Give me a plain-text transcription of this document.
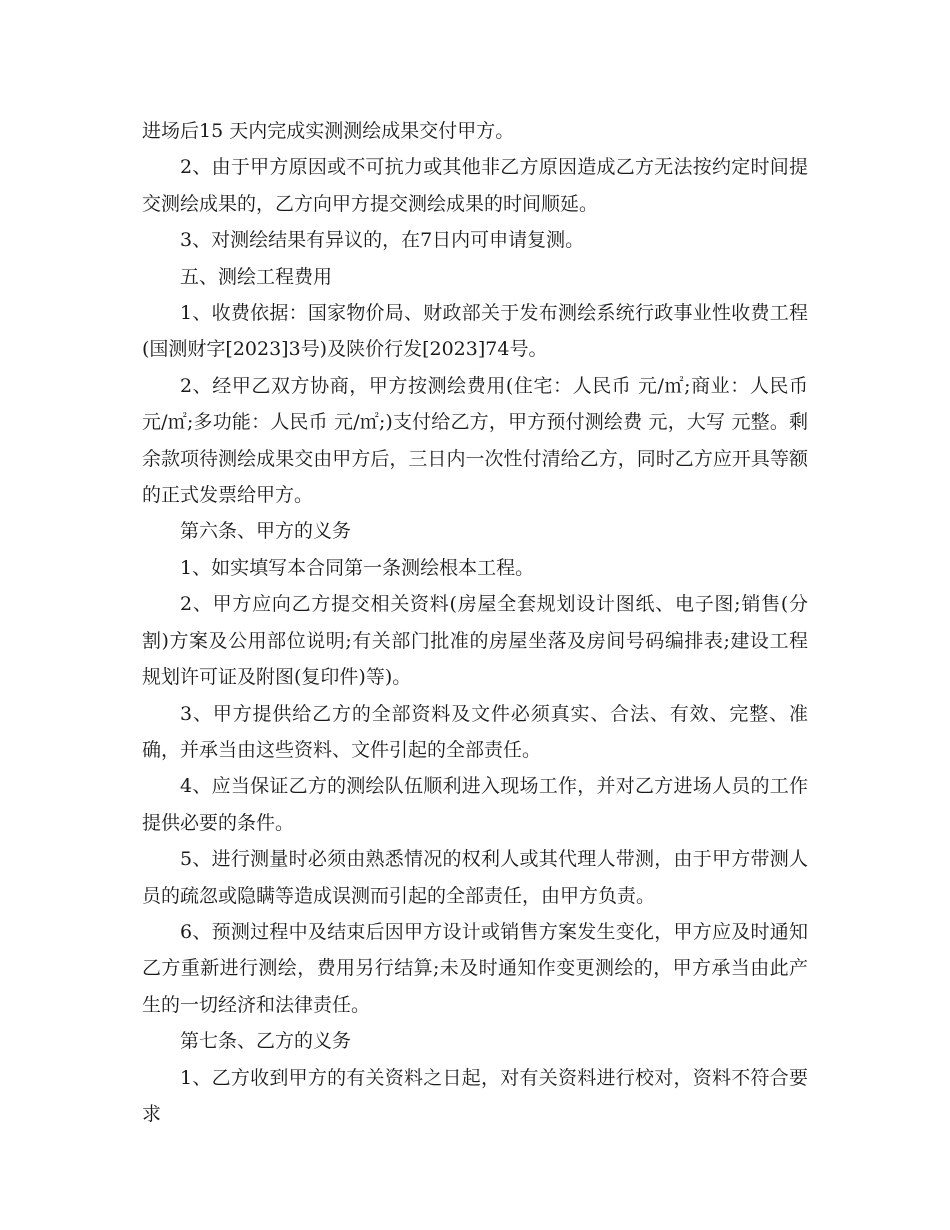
进场后15 天内完成实测测绘成果交付甲方。

2、由于甲方原因或不可抗力或其他非乙方原因造成乙方无法按约定时间提交测绘成果的，乙方向甲方提交测绘成果的时间顺延。

3、对测绘结果有异议的，在7日内可申请复测。

五、测绘工程费用

1、收费依据：国家物价局、财政部关于发布测绘系统行政事业性收费工程(国测财字[2023]3号)及陕价行发[2023]74号。

2、经甲乙双方协商，甲方按测绘费用(住宅：人民币 元/㎡;商业：人民币 元/㎡;多功能：人民币 元/㎡;)支付给乙方，甲方预付测绘费 元，大写 元整。剩余款项待测绘成果交由甲方后，三日内一次性付清给乙方，同时乙方应开具等额的正式发票给甲方。

第六条、甲方的义务

1、如实填写本合同第一条测绘根本工程。

2、甲方应向乙方提交相关资料(房屋全套规划设计图纸、电子图;销售(分割)方案及公用部位说明;有关部门批准的房屋坐落及房间号码编排表;建设工程规划许可证及附图(复印件)等)。

3、甲方提供给乙方的全部资料及文件必须真实、合法、有效、完整、准确，并承当由这些资料、文件引起的全部责任。

4、应当保证乙方的测绘队伍顺利进入现场工作，并对乙方进场人员的工作提供必要的条件。

5、进行测量时必须由熟悉情况的权利人或其代理人带测，由于甲方带测人员的疏忽或隐瞒等造成误测而引起的全部责任，由甲方负责。

6、预测过程中及结束后因甲方设计或销售方案发生变化，甲方应及时通知乙方重新进行测绘，费用另行结算;未及时通知作变更测绘的，甲方承当由此产生的一切经济和法律责任。

第七条、乙方的义务

1、乙方收到甲方的有关资料之日起，对有关资料进行校对，资料不符合要求
